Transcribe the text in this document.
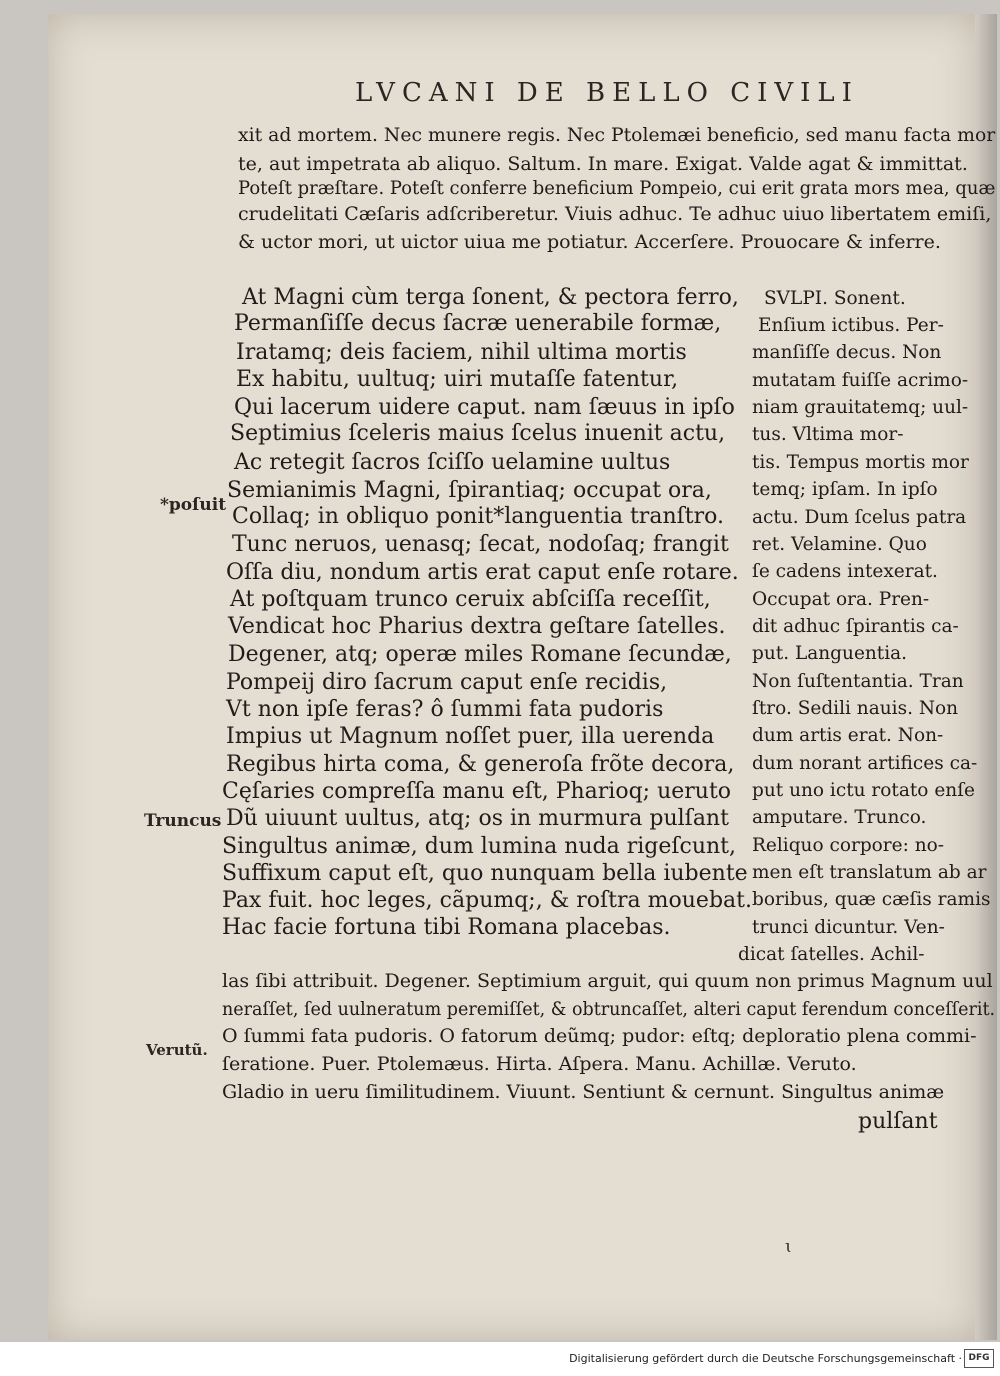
LVCANI DE BELLO CIVILI
xit ad mortem. Nec munere regis. Nec Ptolemæi beneficio, sed manu facta mor
te, aut impetrata ab aliquo. Saltum. In mare. Exigat. Valde agat & immittat.
Poteſt præſtare. Poteſt conferre beneficium Pompeio, cui erit grata mors mea, quæ
crudelitati Cæſaris adſcriberetur. Viuis adhuc. Te adhuc uiuo libertatem emiſi,
& uctor mori, ut uictor uiua me potiatur. Accerſere. Prouocare & inferre.
At Magni cùm terga ſonent, & pectora ferro,
Permanſiſſe decus ſacræ uenerabile formæ,
Iratamq; deis faciem, nihil ultima mortis
Ex habitu, uultuq; uiri mutaſſe fatentur,
Qui lacerum uidere caput. nam ſæuus in ipſo
Septimius ſceleris maius ſcelus inuenit actu,
Ac retegit ſacros ſciſſo uelamine uultus
Semianimis Magni, ſpirantiaq; occupat ora,
Collaq; in obliquo ponit*languentia tranſtro.
Tunc neruos, uenasq; ſecat, nodoſaq; frangit
Oſſa diu, nondum artis erat caput enſe rotare.
At poſtquam trunco ceruix abſciſſa receſſit,
Vendicat hoc Pharius dextra geſtare ſatelles.
Degener, atq; operæ miles Romane ſecundæ,
Pompeij diro ſacrum caput enſe recidis,
Vt non ipſe feras? ô ſummi fata pudoris
Impius ut Magnum noſſet puer, illa uerenda
Regibus hirta coma, & generoſa frõte decora,
Cęſaries compreſſa manu eſt, Pharioq; ueruto
Dũ uiuunt uultus, atq; os in murmura pulſant
Singultus animæ, dum lumina nuda rigeſcunt,
Suffixum caput eſt, quo nunquam bella iubente
Pax fuit. hoc leges, cãpumq;, & roſtra mouebat.
Hac facie fortuna tibi Romana placebas.
SVLPI. Sonent.
Enſium ictibus. Per-
manſiſſe decus. Non
mutatam fuiſſe acrimo-
niam grauitatemq; uul-
tus. Vltima mor-
tis. Tempus mortis mor
temq; ipſam. In ipſo
actu. Dum ſcelus patra
ret. Velamine. Quo
ſe cadens intexerat.
Occupat ora. Pren-
dit adhuc ſpirantis ca-
put. Languentia.
Non ſuſtentantia. Tran
ſtro. Sedili nauis. Non
dum artis erat. Non-
dum norant artifices ca-
put uno ictu rotato enſe
amputare. Trunco.
Reliquo corpore: no-
men eſt translatum ab ar
boribus, quæ cæſis ramis
trunci dicuntur. Ven-
dicat ſatelles. Achil-
*poſuit
Truncus
Verutũ.
las ſibi attribuit. Degener. Septimium arguit, qui quum non primus Magnum uul
neraſſet, ſed uulneratum peremiſſet, & obtruncaſſet, alteri caput ferendum conceſſerit.
O ſummi fata pudoris. O fatorum deũmq; pudor: eſtq; deploratio plena commi-
ſeratione. Puer. Ptolemæus. Hirta. Aſpera. Manu. Achillæ. Veruto.
Gladio in ueru ſimilitudinem. Viuunt. Sentiunt & cernunt. Singultus animæ
pulſant
ɩ
Digitalisierung gefördert durch die Deutsche Forschungsgemeinschaft · DFG
